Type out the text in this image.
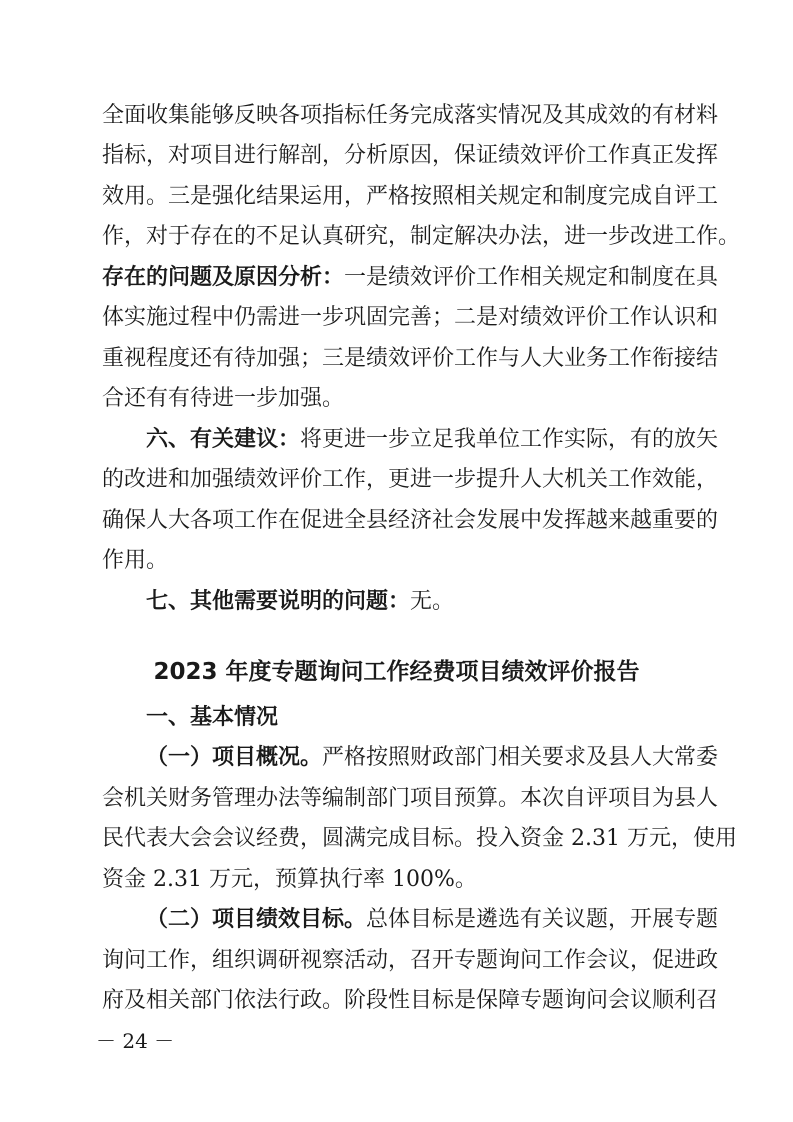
全面收集能够反映各项指标任务完成落实情况及其成效的有材料
指标，对项目进行解剖，分析原因，保证绩效评价工作真正发挥
效用。三是强化结果运用，严格按照相关规定和制度完成自评工
作，对于存在的不足认真研究，制定解决办法，进一步改进工作。
存在的问题及原因分析：一是绩效评价工作相关规定和制度在具
体实施过程中仍需进一步巩固完善；二是对绩效评价工作认识和
重视程度还有待加强；三是绩效评价工作与人大业务工作衔接结
合还有有待进一步加强。
六、有关建议：将更进一步立足我单位工作实际，有的放矢
的改进和加强绩效评价工作，更进一步提升人大机关工作效能，
确保人大各项工作在促进全县经济社会发展中发挥越来越重要的
作用。
七、其他需要说明的问题：无。
2023 年度专题询问工作经费项目绩效评价报告
一、基本情况
（一）项目概况。严格按照财政部门相关要求及县人大常委
会机关财务管理办法等编制部门项目预算。本次自评项目为县人
民代表大会会议经费，圆满完成目标。投入资金 2.31 万元，使用
资金 2.31 万元，预算执行率 100%。
（二）项目绩效目标。总体目标是遴选有关议题，开展专题
询问工作，组织调研视察活动，召开专题询问工作会议，促进政
府及相关部门依法行政。阶段性目标是保障专题询问会议顺利召
－ 24 －
